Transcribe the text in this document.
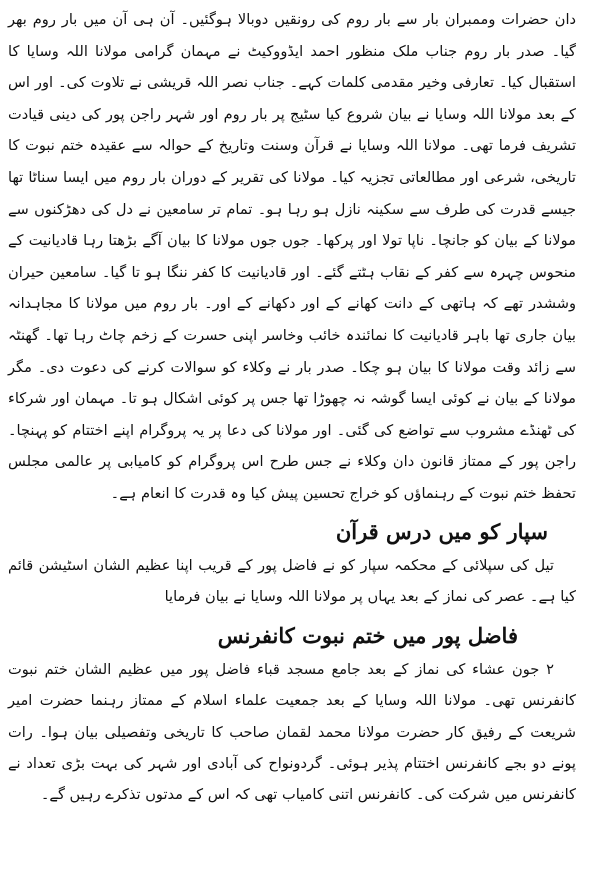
دان حضرات وممبران بار سے بار روم کی رونقیں دوبالا ہوگئیں۔ آن ہی آن میں بار روم بھر گیا۔ صدر بار روم جناب ملک منظور احمد ایڈووکیٹ نے مہمان گرامی مولانا اللہ وسایا کا استقبال کیا۔ تعارفی وخیر مقدمی کلمات کہے۔ جناب نصر اللہ قریشی نے تلاوت کی۔ اور اس کے بعد مولانا اللہ وسایا نے بیان شروع کیا سٹیج پر بار روم اور شہر راجن پور کی دینی قیادت تشریف فرما تھی۔ مولانا اللہ وسایا نے قرآن وسنت وتاریخ کے حوالہ سے عقیدہ ختم نبوت کا تاریخی، شرعی اور مطالعاتی تجزیہ کیا۔ مولانا کی تقریر کے دوران بار روم میں ایسا سناٹا تھا جیسے قدرت کی طرف سے سکینہ نازل ہو رہا ہو۔ تمام تر سامعین نے دل کی دھڑکنوں سے مولانا کے بیان کو جانچا۔ ناپا تولا اور پرکھا۔ جوں جوں مولانا کا بیان آگے بڑھتا رہا قادیانیت کے منحوس چہرہ سے کفر کے نقاب ہٹتے گئے۔ اور قادیانیت کا کفر ننگا ہو تا گیا۔ سامعین حیران وششدر تھے کہ ہاتھی کے دانت کھانے کے اور دکھانے کے اور۔ بار روم میں مولانا کا مجاہدانہ بیان جاری تھا باہر قادیانیت کا نمائندہ خائب وخاسر اپنی حسرت کے زخم چاٹ رہا تھا۔ گھنٹہ سے زائد وقت مولانا کا بیان ہو چکا۔ صدر بار نے وکلاء کو سوالات کرنے کی دعوت دی۔ مگر مولانا کے بیان نے کوئی ایسا گوشہ نہ چھوڑا تھا جس پر کوئی اشکال ہو تا۔ مہمان اور شرکاء کی ٹھنڈے مشروب سے تواضع کی گئی۔ اور مولانا کی دعا پر یہ پروگرام اپنے اختتام کو پہنچا۔ راجن پور کے ممتاز قانون دان وکلاء نے جس طرح اس پروگرام کو کامیابی پر عالمی مجلس تحفظ ختم نبوت کے رہنماؤں کو خراج تحسین پیش کیا وہ قدرت کا انعام ہے۔

سپار کو میں درس قرآن

تیل کی سپلائی کے محکمہ سپار کو نے فاضل پور کے قریب اپنا عظیم الشان اسٹیشن قائم کیا ہے۔ عصر کی نماز کے بعد یہاں پر مولانا اللہ وسایا نے بیان فرمایا

فاضل پور میں ختم نبوت کانفرنس

۲ جون عشاء کی نماز کے بعد جامع مسجد قباء فاضل پور میں عظیم الشان ختم نبوت کانفرنس تھی۔ مولانا اللہ وسایا کے بعد جمعیت علماء اسلام کے ممتاز رہنما حضرت امیر شریعت کے رفیق کار حضرت مولانا محمد لقمان صاحب کا تاریخی وتفصیلی بیان ہوا۔ رات پونے دو بجے کانفرنس اختتام پذیر ہوئی۔ گردونواح کی آبادی اور شہر کی بہت بڑی تعداد نے کانفرنس میں شرکت کی۔ کانفرنس اتنی کامیاب تھی کہ اس کے مدتوں تذکرے رہیں گے۔
